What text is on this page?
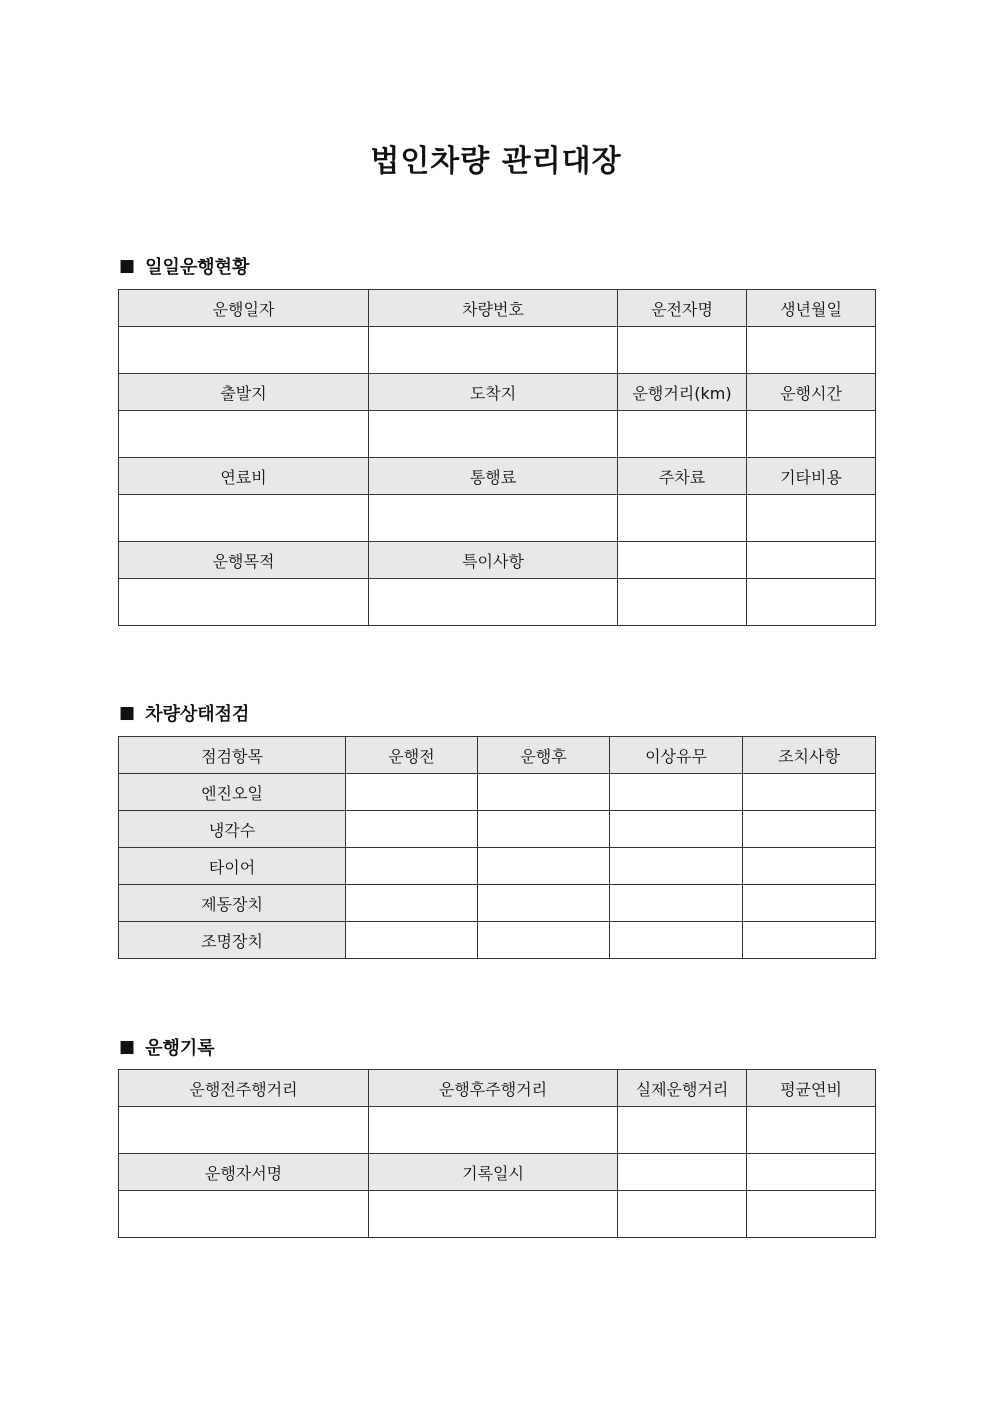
법인차량 관리대장
■ 일일운행현황
운행일자	차량번호	운전자명	생년월일

출발지	도착지	운행거리(km)	운행시간

연료비	통행료	주차료	기타비용

운행목적	특이사항		

■ 차량상태점검
점검항목	운행전	운행후	이상유무	조치사항
엔진오일				
냉각수				
타이어				
제동장치				
조명장치				
■ 운행기록
운행전주행거리	운행후주행거리	실제운행거리	평균연비

운행자서명	기록일시		
